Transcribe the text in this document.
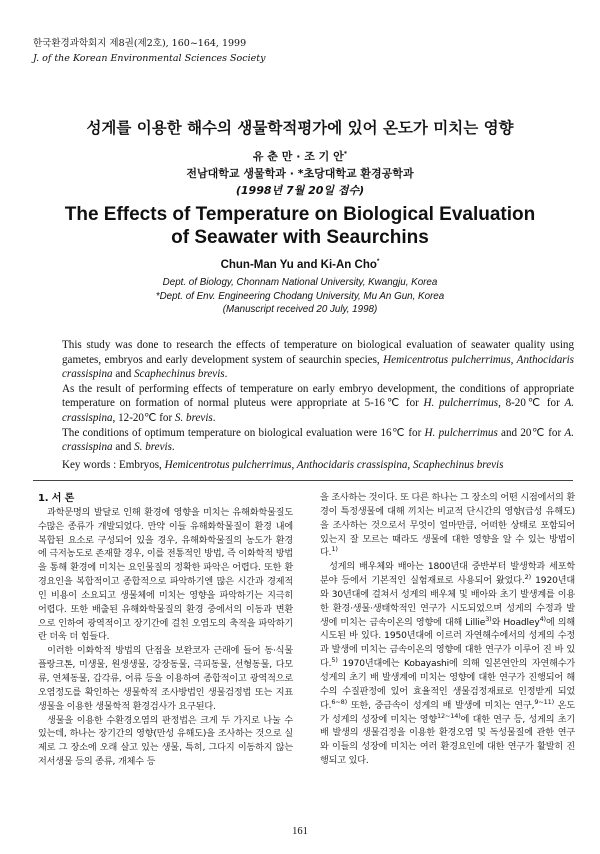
한국환경과학회지 제8권(제2호), 160~164, 1999
J. of the Korean Environmental Sciences Society
성게를 이용한 해수의 생물학적평가에 있어 온도가 미치는 영향
유 춘 만 · 조 기 안*
전남대학교 생물학과 · *초당대학교 환경공학과
(1998년 7월 20일 접수)
The Effects of Temperature on Biological Evaluation
of Seawater with Seaurchins
Chun-Man Yu and Ki-An Cho*
Dept. of Biology, Chonnam National University, Kwangju, Korea
*Dept. of Env. Engineering Chodang University, Mu An Gun, Korea
(Manuscript received 20 July, 1998)

This study was done to research the effects of temperature on biological evaluation of seawater quality using gametes, embryos and early development system of seaurchin species, Hemicentrotus pulcherrimus, Anthocidaris crassispina and Scaphechinus brevis.

As the result of performing effects of temperature on early embryo development, the conditions of appropriate temperature on formation of normal pluteus were appropriate at 5-16℃ for H. pulcherrimus, 8-20℃ for A. crassispina, 12-20℃ for S. brevis.

The conditions of optimum temperature on biological evaluation were 16℃ for H. pulcherrimus and 20℃ for A. crassispina and S. brevis.

Key words : Embryos, Hemicentrotus pulcherrimus, Anthocidaris crassispina, Scaphechinus brevis

1. 서 론

과학문명의 발달로 인해 환경에 영향을 미치는 유해화학물질도 수많은 종류가 개발되었다. 만약 이들 유해화학물질이 환경 내에 복합된 요소로 구성되어 있을 경우, 유해화학물질의 농도가 환경에 극저농도로 존재할 경우, 이를 전통적인 방법, 즉 이화학적 방법을 통해 환경에 미치는 요인물질의 정확한 파악은 어렵다. 또한 환경요인을 복합적이고 종합적으로 파악하기엔 많은 시간과 경제적인 비용이 소요되고 생물체에 미치는 영향을 파악하기는 지극히 어렵다. 또한 배출된 유해화학물질의 환경 중에서의 이동과 변환으로 인하여 광역적이고 장기간에 걸친 오염도의 축적을 파악하기란 더욱 더 힘들다.

이러한 이화학적 방법의 단점을 보완코자 근래에 들어 동·식물 플랑크톤, 미생물, 원생생물, 강장동물, 극피동물, 선형동물, 다모류, 연체동물, 갑각류, 어류 등을 이용하여 종합적이고 광역적으로 오염정도를 확인하는 생물학적 조사방법인 생물검정법 또는 지표생물을 이용한 생물학적 환경검사가 요구된다.

생물을 이용한 수환경오염의 판정법은 크게 두 가지로 나눌 수 있는데, 하나는 장기간의 영향(만성 유해도)을 조사하는 것으로 실제로 그 장소에 오래 살고 있는 생물, 특히, 그다지 이동하지 않는 저서생물 등의 종류, 개체수 등

을 조사하는 것이다. 또 다른 하나는 그 장소의 어떤 시점에서의 환경이 특정생물에 대해 끼치는 비교적 단시간의 영향(급성 유해도)을 조사하는 것으로서 무엇이 얼마만큼, 어떠한 상태로 포함되어 있는지 잘 모르는 때라도 생물에 대한 영향을 알 수 있는 방법이다.$^{1)}$

성게의 배우체와 배아는 1800년대 중반부터 발생학과 세포학 분야 등에서 기본적인 실험재료로 사용되어 왔었다.$^{2)}$ 1920년대와 30년대에 걸쳐서 성게의 배우체 및 배아와 초기 발생계를 이용한 환경·생물·생태학적인 연구가 시도되었으며 성게의 수정과 발생에 미치는 금속이온의 영향에 대해 Lillie$^{3)}$와 Hoadley$^{4)}$에 의해 시도된 바 있다. 1950년대에 이르러 자연해수에서의 성게의 수정과 발생에 미치는 금속이온의 영향에 대한 연구가 이루어 진 바 있다.$^{5)}$ 1970년대에는 Kobayashi에 의해 일본연안의 자연해수가 성게의 초기 배 발생계에 미치는 영향에 대한 연구가 진행되어 해수의 수질판정에 있어 효율적인 생물검정재료로 인정받게 되었다.$^{6\sim 8)}$ 또한, 중금속이 성게의 배 발생에 미치는 연구,$^{9\sim 11)}$ 온도가 성게의 성장에 미치는 영향$^{12\sim 14)}$에 대한 연구 등, 성게의 초기 배 발생의 생물검정을 이용한 환경오염 및 독성물질에 관한 연구와 이들의 성장에 미치는 여러 환경요인에 대한 연구가 활발히 진행되고 있다.

161
